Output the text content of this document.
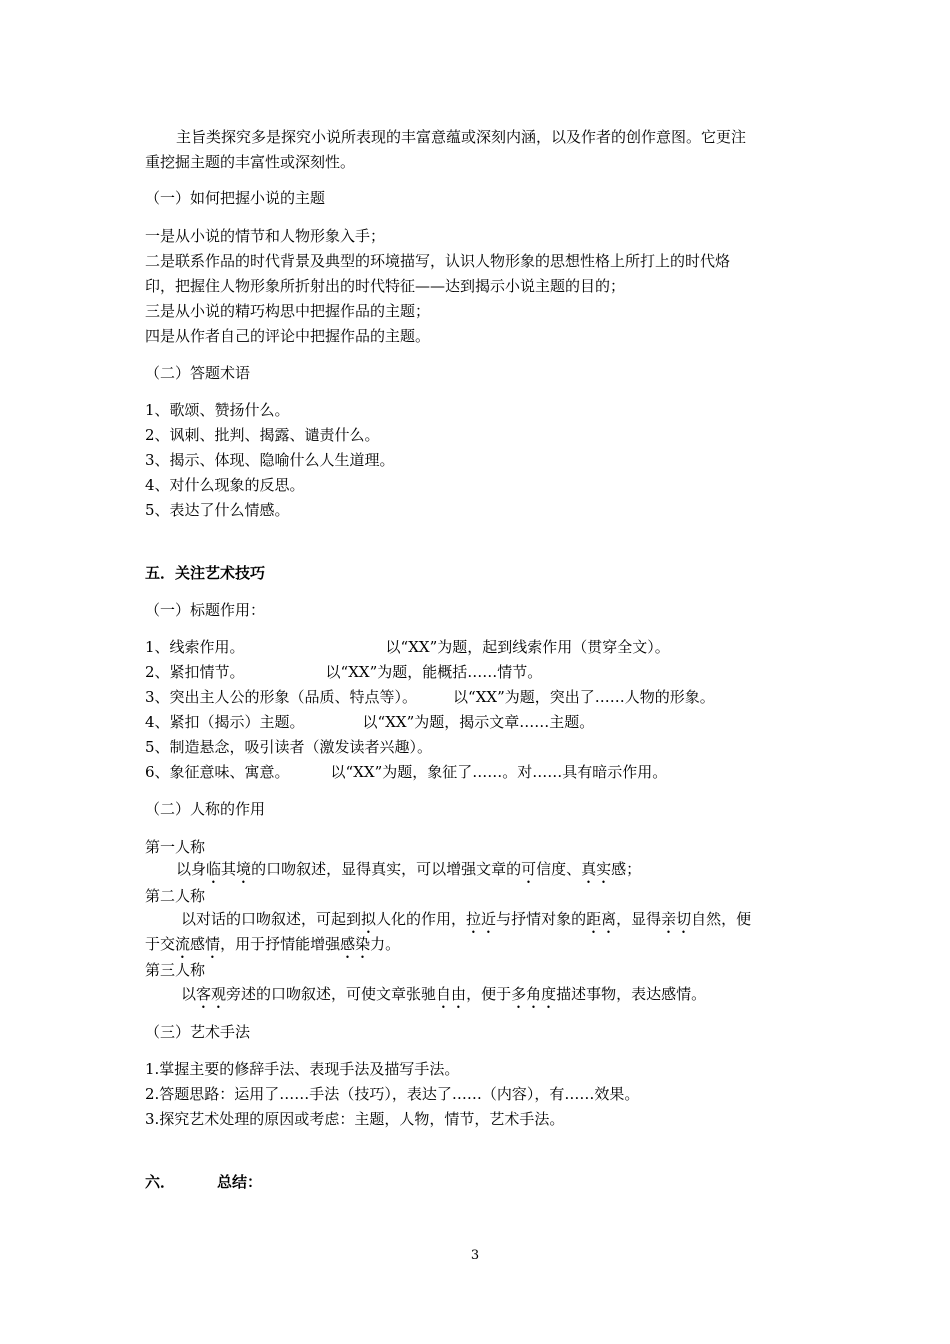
主旨类探究多是探究小说所表现的丰富意蕴或深刻内涵，以及作者的创作意图。它更注
重挖掘主题的丰富性或深刻性。
（一）如何把握小说的主题
一是从小说的情节和人物形象入手；
二是联系作品的时代背景及典型的环境描写，认识人物形象的思想性格上所打上的时代烙
印，把握住人物形象所折射出的时代特征——达到揭示小说主题的目的；
三是从小说的精巧构思中把握作品的主题；
四是从作者自己的评论中把握作品的主题。
（二）答题术语
1、歌颂、赞扬什么。
2、讽刺、批判、揭露、谴责什么。
3、揭示、体现、隐喻什么人生道理。
4、对什么现象的反思。
5、表达了什么情感。
五．关注艺术技巧
（一）标题作用：
1、线索作用。	以“XX”为题，起到线索作用（贯穿全文）。
2、紧扣情节。	以“XX”为题，能概括……情节。
3、突出主人公的形象（品质、特点等）。 以“XX”为题，突出了……人物的形象。
4、紧扣（揭示）主题。	以“XX”为题，揭示文章……主题。
5、制造悬念，吸引读者（激发读者兴趣）。
6、象征意味、寓意。	以“XX”为题，象征了……。对……具有暗示作用。
（二）人称的作用
第一人称
以身临其境的口吻叙述，显得真实，可以增强文章的可信度、真实感；
第二人称
以对话的口吻叙述，可起到拟人化的作用，拉近与抒情对象的距离，显得亲切自然，便
于交流感情，用于抒情能增强感染力。
第三人称
以客观旁述的口吻叙述，可使文章张驰自由，便于多角度描述事物，表达感情。
（三）艺术手法
1.掌握主要的修辞手法、表现手法及描写手法。
2.答题思路：运用了……手法（技巧），表达了……（内容），有……效果。
3.探究艺术处理的原因或考虑：主题，人物，情节，艺术手法。
六．	总结：
3
